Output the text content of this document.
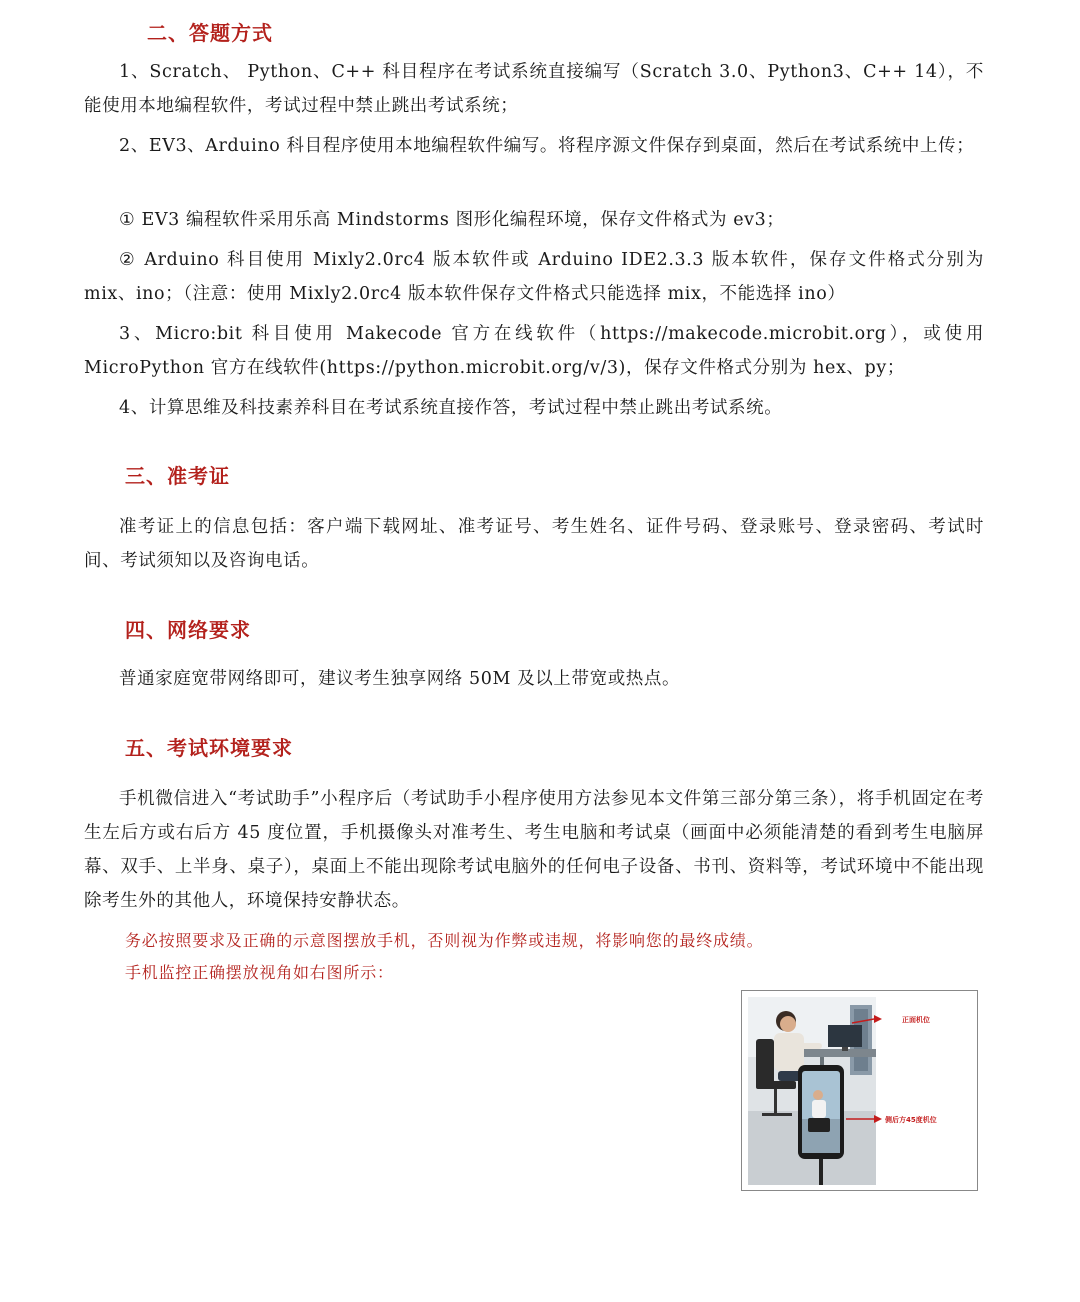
二、答题方式

1、Scratch、 Python、C++ 科目程序在考试系统直接编写（Scratch 3.0、Python3、C++ 14），不能使用本地编程软件，考试过程中禁止跳出考试系统；

2、EV3、Arduino 科目程序使用本地编程软件编写。将程序源文件保存到桌面，然后在考试系统中上传；

① EV3 编程软件采用乐高 Mindstorms 图形化编程环境，保存文件格式为 ev3；

② Arduino 科目使用 Mixly2.0rc4 版本软件或 Arduino IDE2.3.3 版本软件，保存文件格式分别为 mix、ino；（注意：使用 Mixly2.0rc4 版本软件保存文件格式只能选择 mix，不能选择 ino）

3、Micro:bit 科目使用 Makecode 官方在线软件（https://makecode.microbit.org），或使用 MicroPython 官方在线软件(https://python.microbit.org/v/3)，保存文件格式分别为 hex、py；

4、计算思维及科技素养科目在考试系统直接作答，考试过程中禁止跳出考试系统。

三、准考证

准考证上的信息包括：客户端下载网址、准考证号、考生姓名、证件号码、登录账号、登录密码、考试时间、考试须知以及咨询电话。

四、网络要求

普通家庭宽带网络即可，建议考生独享网络 50M 及以上带宽或热点。

五、考试环境要求

手机微信进入“考试助手”小程序后（考试助手小程序使用方法参见本文件第三部分第三条），将手机固定在考生左后方或右后方 45 度位置，手机摄像头对准考生、考生电脑和考试桌（画面中必须能清楚的看到考生电脑屏幕、双手、上半身、桌子），桌面上不能出现除考试电脑外的任何电子设备、书刊、资料等，考试环境中不能出现除考生外的其他人，环境保持安静状态。

务必按照要求及正确的示意图摆放手机，否则视为作弊或违规，将影响您的最终成绩。

手机监控正确摆放视角如右图所示：

正面机位
侧后方45度机位
